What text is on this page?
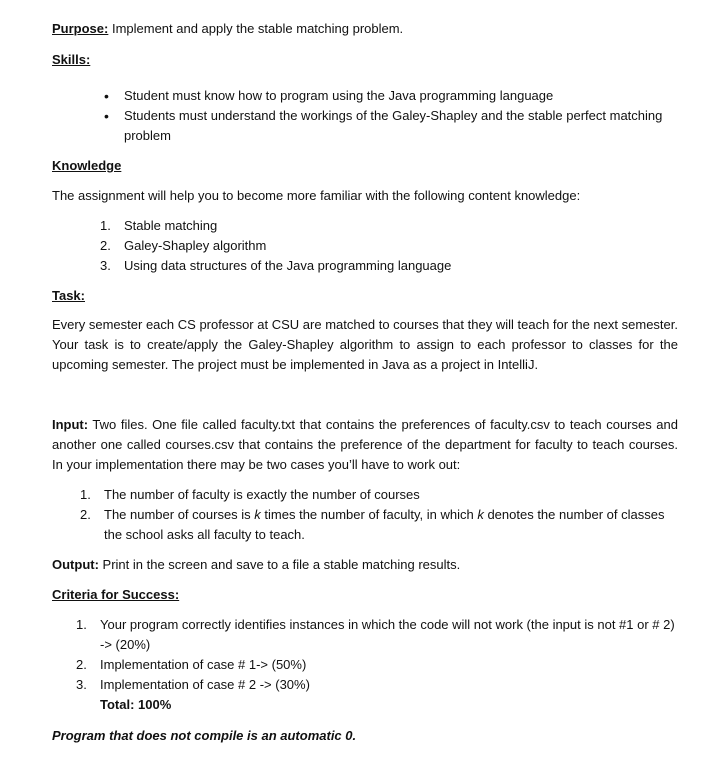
Purpose: Implement and apply the stable matching problem.

Skills:

• Student must know how to program using the Java programming language
• Students must understand the workings of the Galey-Shapley and the stable perfect matching problem

Knowledge

The assignment will help you to become more familiar with the following content knowledge:

1. Stable matching
2. Galey-Shapley algorithm
3. Using data structures of the Java programming language

Task:

Every semester each CS professor at CSU are matched to courses that they will teach for the next semester. Your task is to create/apply the Galey-Shapley algorithm to assign to each professor to classes for the upcoming semester. The project must be implemented in Java as a project in IntelliJ.

Input: Two files. One file called faculty.txt that contains the preferences of faculty.csv to teach courses and another one called courses.csv that contains the preference of the department for faculty to teach courses. In your implementation there may be two cases you’ll have to work out:

1. The number of faculty is exactly the number of courses
2. The number of courses is k times the number of faculty, in which k denotes the number of classes the school asks all faculty to teach.

Output: Print in the screen and save to a file a stable matching results.

Criteria for Success:

1. Your program correctly identifies instances in which the code will not work (the input is not #1 or # 2) -> (20%)
2. Implementation of case # 1-> (50%)
3. Implementation of case # 2 -> (30%)

Total: 100%

Program that does not compile is an automatic 0.
